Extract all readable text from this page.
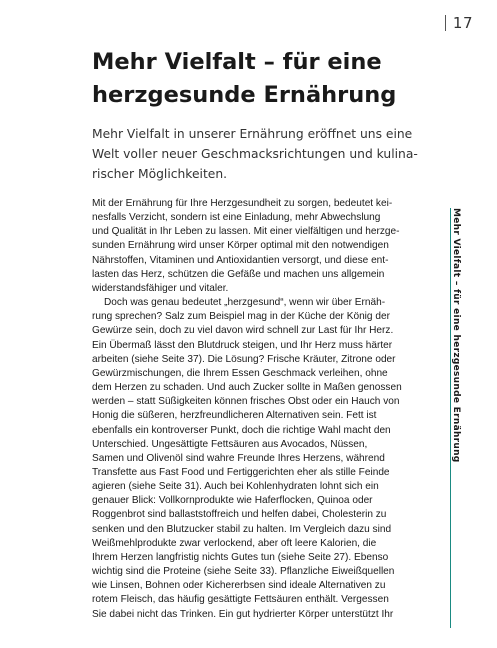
17
Mehr Vielfalt – für eine
herzgesunde Ernährung

Mehr Vielfalt in unserer Ernährung eröffnet uns eine
Welt voller neuer Geschmacksrichtungen und kulina-
rischer Möglichkeiten.

Mit der Ernährung für Ihre Herzgesundheit zu sorgen, bedeutet kei-
nesfalls Verzicht, sondern ist eine Einladung, mehr Abwechslung
und Qualität in Ihr Leben zu lassen. Mit einer vielfältigen und herzge-
sunden Ernährung wird unser Körper optimal mit den notwendigen
Nährstoffen, Vitaminen und Antioxidantien versorgt, und diese ent-
lasten das Herz, schützen die Gefäße und machen uns allgemein
widerstandsfähiger und vitaler.
Doch was genau bedeutet „herzgesund“, wenn wir über Ernäh-
rung sprechen? Salz zum Beispiel mag in der Küche der König der
Gewürze sein, doch zu viel davon wird schnell zur Last für Ihr Herz.
Ein Übermaß lässt den Blutdruck steigen, und Ihr Herz muss härter
arbeiten (siehe Seite 37). Die Lösung? Frische Kräuter, Zitrone oder
Gewürzmischungen, die Ihrem Essen Geschmack verleihen, ohne
dem Herzen zu schaden. Und auch Zucker sollte in Maßen genossen
werden – statt Süßigkeiten können frisches Obst oder ein Hauch von
Honig die süßeren, herzfreundlicheren Alternativen sein. Fett ist
ebenfalls ein kontroverser Punkt, doch die richtige Wahl macht den
Unterschied. Ungesättigte Fettsäuren aus Avocados, Nüssen,
Samen und Olivenöl sind wahre Freunde Ihres Herzens, während
Transfette aus Fast Food und Fertiggerichten eher als stille Feinde
agieren (siehe Seite 31). Auch bei Kohlenhydraten lohnt sich ein
genauer Blick: Vollkornprodukte wie Haferflocken, Quinoa oder
Roggenbrot sind ballaststoffreich und helfen dabei, Cholesterin zu
senken und den Blutzucker stabil zu halten. Im Vergleich dazu sind
Weißmehlprodukte zwar verlockend, aber oft leere Kalorien, die
Ihrem Herzen langfristig nichts Gutes tun (siehe Seite 27). Ebenso
wichtig sind die Proteine (siehe Seite 33). Pflanzliche Eiweißquellen
wie Linsen, Bohnen oder Kichererbsen sind ideale Alternativen zu
rotem Fleisch, das häufig gesättigte Fettsäuren enthält. Vergessen
Sie dabei nicht das Trinken. Ein gut hydrierter Körper unterstützt Ihr
Mehr Vielfalt – für eine herzgesunde Ernährung
